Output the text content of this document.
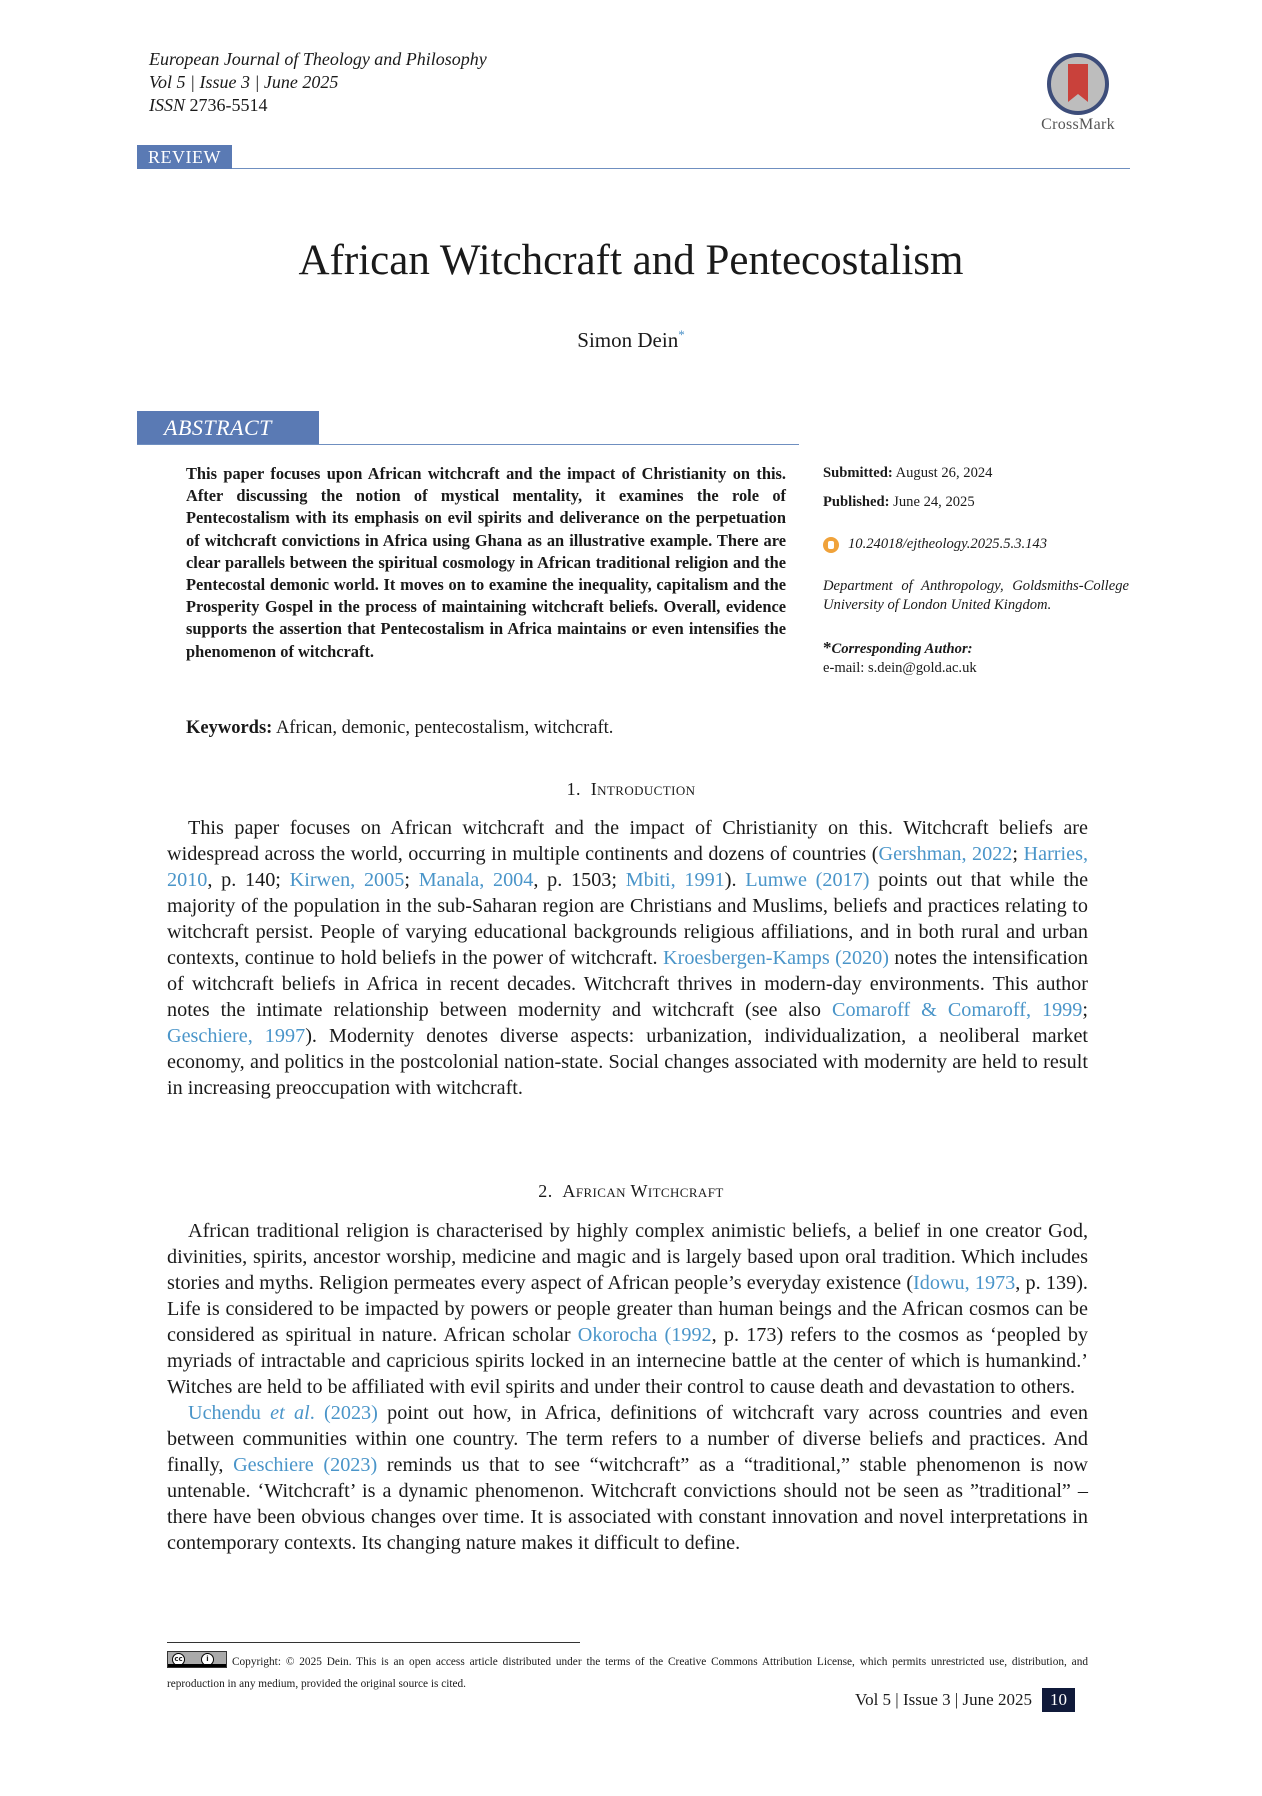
European Journal of Theology and Philosophy
Vol 5 | Issue 3 | June 2025
ISSN 2736-5514
CrossMark
REVIEW
African Witchcraft and Pentecostalism
Simon Dein*
ABSTRACT
This paper focuses upon African witchcraft and the impact of Christianity on this. After discussing the notion of mystical mentality, it examines the role of Pentecostalism with its emphasis on evil spirits and deliverance on the perpetuation of witchcraft convictions in Africa using Ghana as an illustrative example. There are clear parallels between the spiritual cosmology in African traditional religion and the Pentecostal demonic world. It moves on to examine the inequality, capitalism and the Prosperity Gospel in the process of maintaining witchcraft beliefs. Overall, evidence supports the assertion that Pentecostalism in Africa maintains or even intensifies the phenomenon of witchcraft.
Keywords: African, demonic, pentecostalism, witchcraft.
Submitted: August 26, 2024
Published: June 24, 2025
10.24018/ejtheology.2025.5.3.143
Department of Anthropology, Goldsmiths-College University of London United Kingdom.
*Corresponding Author:
e-mail: s.dein@gold.ac.uk
1. Introduction

This paper focuses on African witchcraft and the impact of Christianity on this. Witchcraft beliefs are widespread across the world, occurring in multiple continents and dozens of countries (Gershman, 2022; Harries, 2010, p. 140; Kirwen, 2005; Manala, 2004, p. 1503; Mbiti, 1991). Lumwe (2017) points out that while the majority of the population in the sub-Saharan region are Christians and Muslims, beliefs and practices relating to witchcraft persist. People of varying educational backgrounds religious affiliations, and in both rural and urban contexts, continue to hold beliefs in the power of witchcraft. Kroesbergen-Kamps (2020) notes the intensification of witchcraft beliefs in Africa in recent decades. Witchcraft thrives in modern-day environments. This author notes the intimate relationship between modernity and witchcraft (see also Comaroff & Comaroff, 1999; Geschiere, 1997). Modernity denotes diverse aspects: urbanization, individualization, a neoliberal market economy, and politics in the postcolonial nation-state. Social changes associated with modernity are held to result in increasing preoccupation with witchcraft.

2. African Witchcraft

African traditional religion is characterised by highly complex animistic beliefs, a belief in one creator God, divinities, spirits, ancestor worship, medicine and magic and is largely based upon oral tradition. Which includes stories and myths. Religion permeates every aspect of African people’s everyday existence (Idowu, 1973, p. 139). Life is considered to be impacted by powers or people greater than human beings and the African cosmos can be considered as spiritual in nature. African scholar Okorocha (1992, p. 173) refers to the cosmos as ‘peopled by myriads of intractable and capricious spirits locked in an internecine battle at the center of which is humankind.’ Witches are held to be affiliated with evil spirits and under their control to cause death and devastation to others.

Uchendu et al. (2023) point out how, in Africa, definitions of witchcraft vary across countries and even between communities within one country. The term refers to a number of diverse beliefs and practices. And finally, Geschiere (2023) reminds us that to see “witchcraft” as a “traditional,” stable phenomenon is now untenable. ‘Witchcraft’ is a dynamic phenomenon. Witchcraft convictions should not be seen as ”traditional” – there have been obvious changes over time. It is associated with constant innovation and novel interpretations in contemporary contexts. Its changing nature makes it difficult to define.

cc	i	Copyright: © 2025 Dein. This is an open access article distributed under the terms of the Creative Commons Attribution License, which permits unrestricted use, distribution, and reproduction in any medium, provided the original source is cited.
Vol 5 | Issue 3 | June 2025	10
